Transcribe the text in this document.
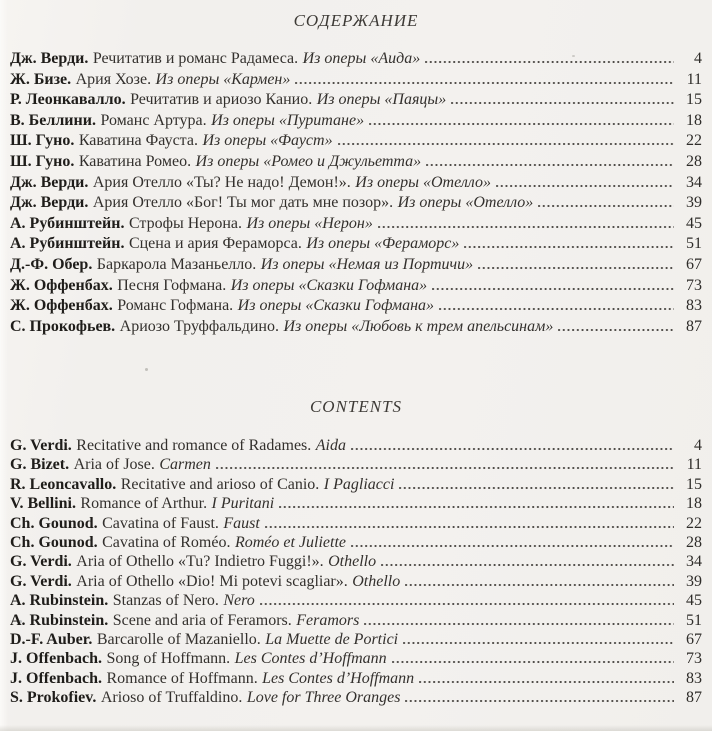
СОДЕРЖАНИЕ
Дж. Верди. Речитатив и романс Радамеса. Из оперы «Аида»	4
Ж. Бизе. Ария Хозе. Из оперы «Кармен»	11
Р. Леонкавалло. Речитатив и ариозо Канио. Из оперы «Паяцы»	15
В. Беллини. Романс Артура. Из оперы «Пуритане»	18
Ш. Гуно. Каватина Фауста. Из оперы «Фауст»	22
Ш. Гуно. Каватина Ромео. Из оперы «Ромео и Джульетта»	28
Дж. Верди. Ария Отелло «Ты? Не надо! Демон!». Из оперы «Отелло»	34
Дж. Верди. Ария Отелло «Бог! Ты мог дать мне позор». Из оперы «Отелло»	39
А. Рубинштейн. Строфы Нерона. Из оперы «Нерон»	45
А. Рубинштейн. Сцена и ария Фераморса. Из оперы «Фераморс»	51
Д.-Ф. Обер. Баркарола Мазаньелло. Из оперы «Немая из Портичи»	67
Ж. Оффенбах. Песня Гофмана. Из оперы «Сказки Гофмана»	73
Ж. Оффенбах. Романс Гофмана. Из оперы «Сказки Гофмана»	83
С. Прокофьев. Ариозо Труффальдино. Из оперы «Любовь к трем апельсинам»	87
CONTENTS
G. Verdi. Recitative and romance of Radames. Aida	4
G. Bizet. Aria of Jose. Carmen	11
R. Leoncavallo. Recitative and arioso of Canio. I Pagliacci	15
V. Bellini. Romance of Arthur. I Puritani	18
Ch. Gounod. Cavatina of Faust. Faust	22
Ch. Gounod. Cavatina of Roméo. Roméo et Juliette	28
G. Verdi. Aria of Othello «Tu? Indietro Fuggi!». Othello	34
G. Verdi. Aria of Othello «Dio! Mi potevi scagliar». Othello	39
A. Rubinstein. Stanzas of Nero. Nero	45
A. Rubinstein. Scene and aria of Feramors. Feramors	51
D.-F. Auber. Barcarolle of Mazaniello. La Muette de Portici	67
J. Offenbach. Song of Hoffmann. Les Contes d’Hoffmann	73
J. Offenbach. Romance of Hoffmann. Les Contes d’Hoffmann	83
S. Prokofiev. Arioso of Truffaldino. Love for Three Oranges	87
